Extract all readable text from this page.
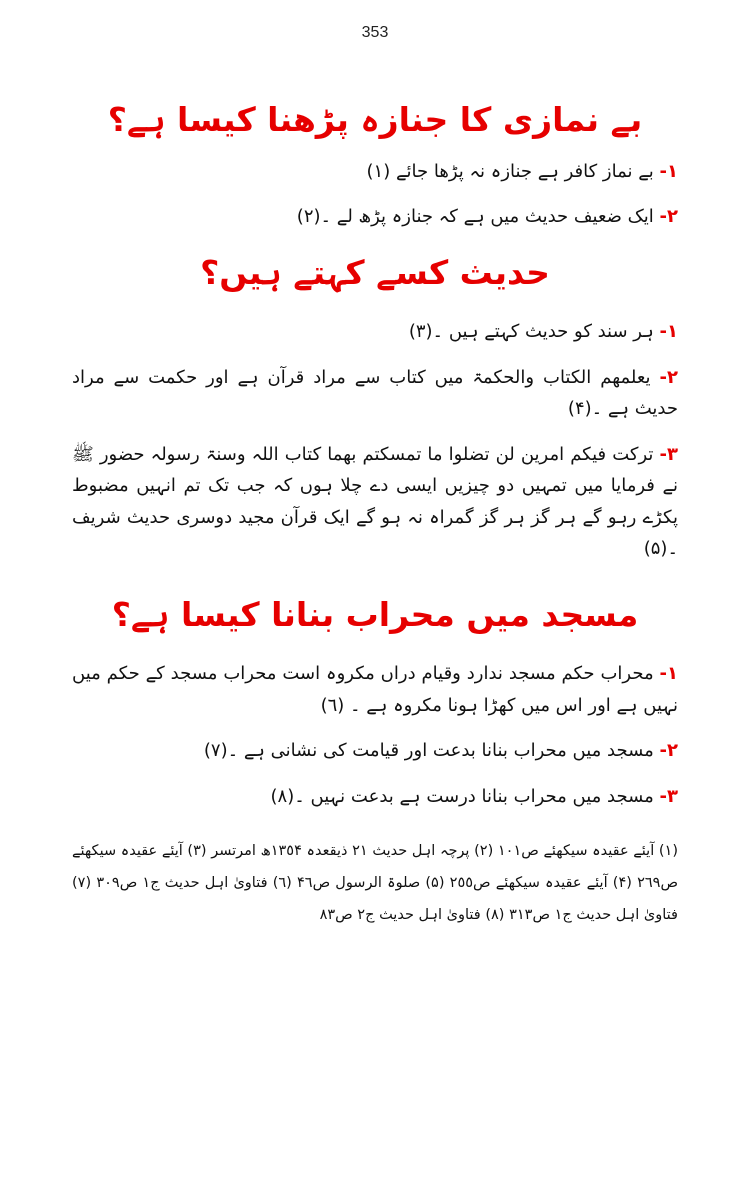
353
بے نمازی کا جنازہ پڑھنا کیسا ہے؟

١- بے نماز کافر ہے جنازہ نہ پڑھا جائے (١)

٢- ایک ضعیف حدیث میں ہے کہ جنازہ پڑھ لے ۔(٢)

حدیث کسے کہتے ہیں؟

١- ہر سند کو حدیث کہتے ہیں ۔(٣)

٢- یعلمھم الکتاب والحکمۃ میں کتاب سے مراد قرآن ہے اور حکمت سے مراد حدیث ہے ۔(۴)

٣- ترکت فیکم امرین لن تضلوا ما تمسکتم بھما کتاب اللہ وسنۃ رسولہ حضور ﷺ نے فرمایا میں تمہیں دو چیزیں ایسی دے چلا ہوں کہ جب تک تم انہیں مضبوط پکڑے رہو گے ہر گز ہر گز گمراہ نہ ہو گے ایک قرآن مجید دوسری حدیث شریف ۔(۵)

مسجد میں محراب بنانا کیسا ہے؟

١- محراب حکم مسجد ندارد وقیام دراں مکروہ است محراب مسجد کے حکم میں نہیں ہے اور اس میں کھڑا ہونا مکروہ ہے ۔ (٦)

٢- مسجد میں محراب بنانا بدعت اور قیامت کی نشانی ہے ۔(۷)

٣- مسجد میں محراب بنانا درست ہے بدعت نہیں ۔(٨)

(١) آیئے عقیدہ سیکھئے ص١٠١ (٢) پرچہ اہل حدیث ٢١ ذیقعدہ ١٣٥۴ھ امرتسر (٣) آیئے عقیدہ سیکھئے ص٢٦٩ (۴) آیئے عقیدہ سیکھئے ص٢٥٥ (۵) صلوۃ الرسول ص۴٦ (٦) فتاویٰ اہل حدیث ج١ ص٣٠٩ (۷) فتاویٰ اہل حدیث ج١ ص٣١٣ (٨) فتاویٰ اہل حدیث ج٢ ص٨٣
